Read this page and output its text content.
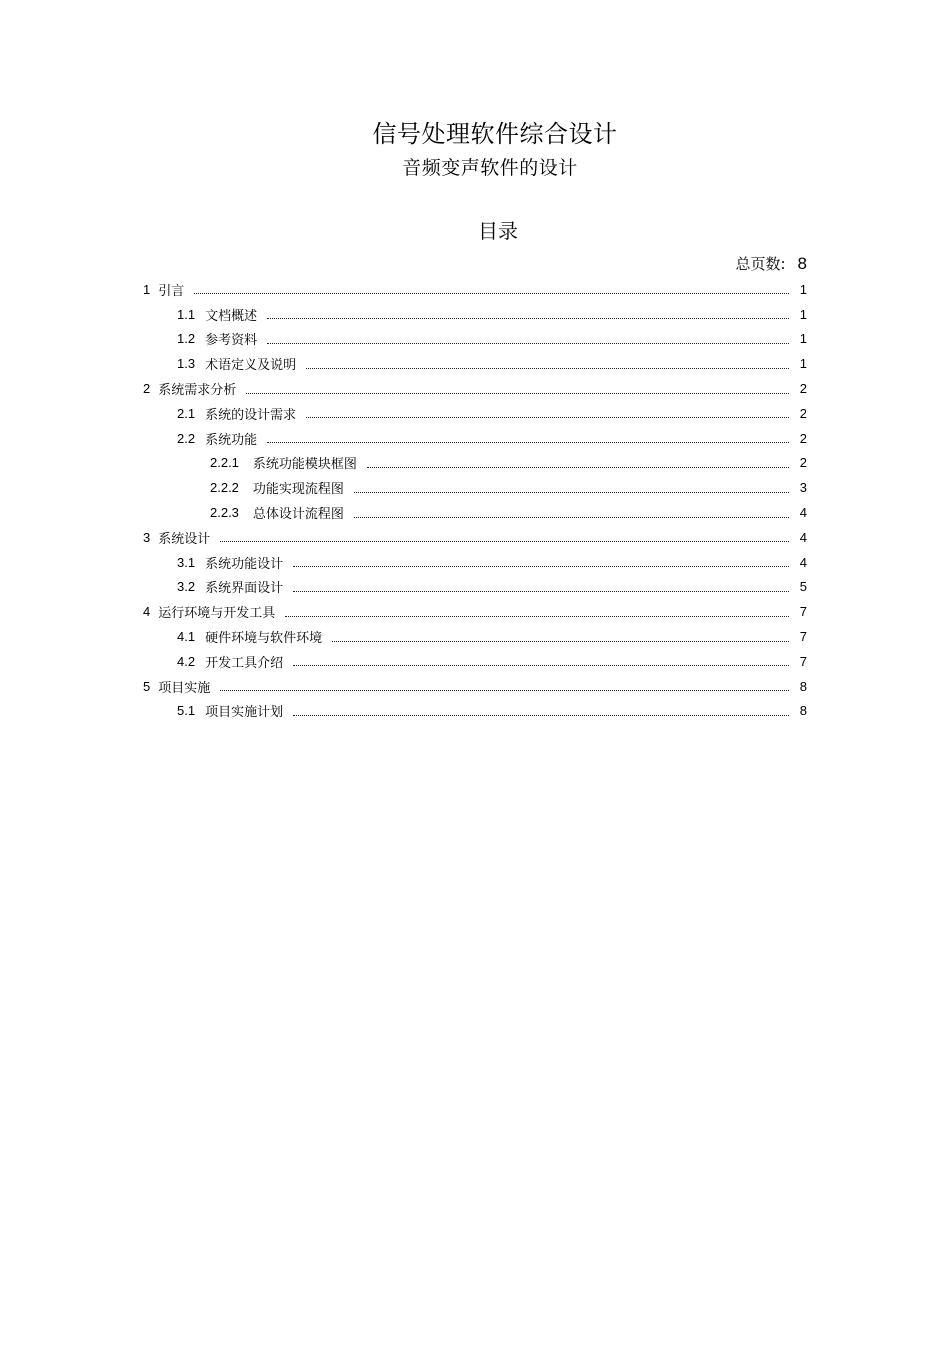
信号处理软件综合设计
音频变声软件的设计
目录
总页数: 8
1 引言	1
1.1 文档概述	1
1.2 参考资料	1
1.3 术语定义及说明	1
2 系统需求分析	2
2.1 系统的设计需求	2
2.2 系统功能	2
2.2.1 系统功能模块框图	2
2.2.2 功能实现流程图	3
2.2.3 总体设计流程图	4
3 系统设计	4
3.1 系统功能设计	4
3.2 系统界面设计	5
4 运行环境与开发工具	7
4.1 硬件环境与软件环境	7
4.2 开发工具介绍	7
5 项目实施	8
5.1 项目实施计划	8
